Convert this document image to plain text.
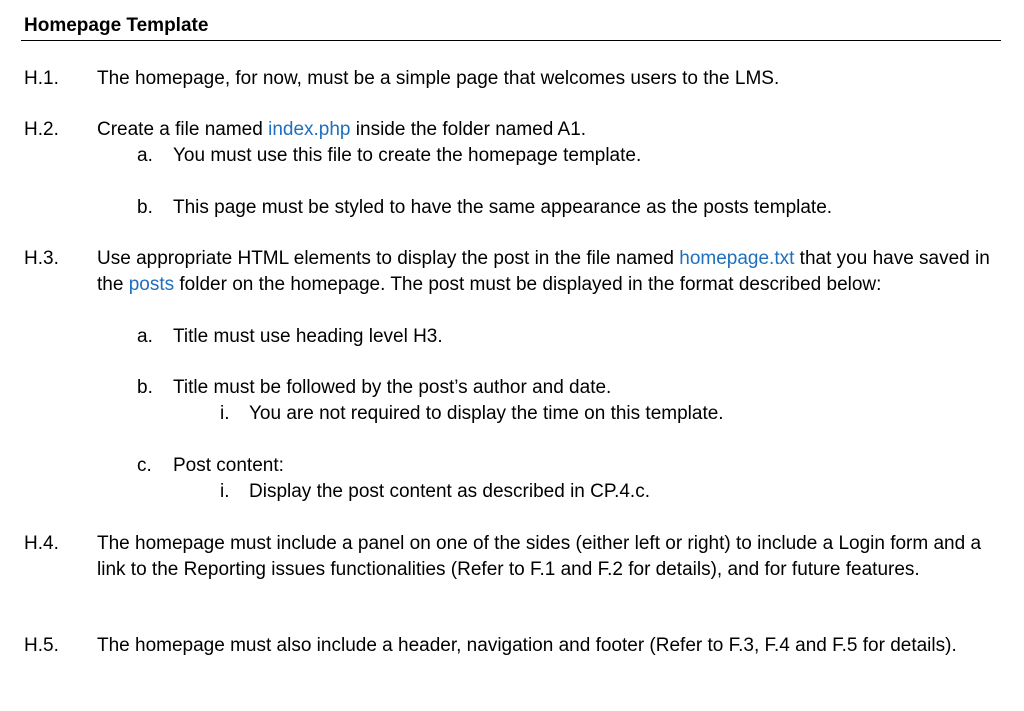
Homepage Template
H.1. The homepage, for now, must be a simple page that welcomes users to the LMS.
H.2. Create a file named index.php inside the folder named A1.
a. You must use this file to create the homepage template.
b. This page must be styled to have the same appearance as the posts template.
H.3. Use appropriate HTML elements to display the post in the file named homepage.txt that you have saved in the posts folder on the homepage. The post must be displayed in the format described below:
a. Title must use heading level H3.
b. Title must be followed by the post’s author and date.
i. You are not required to display the time on this template.
c. Post content:
i. Display the post content as described in CP.4.c.
H.4. The homepage must include a panel on one of the sides (either left or right) to include a Login form and a link to the Reporting issues functionalities (Refer to F.1 and F.2 for details), and for future features.
H.5. The homepage must also include a header, navigation and footer (Refer to F.3, F.4 and F.5 for details).
